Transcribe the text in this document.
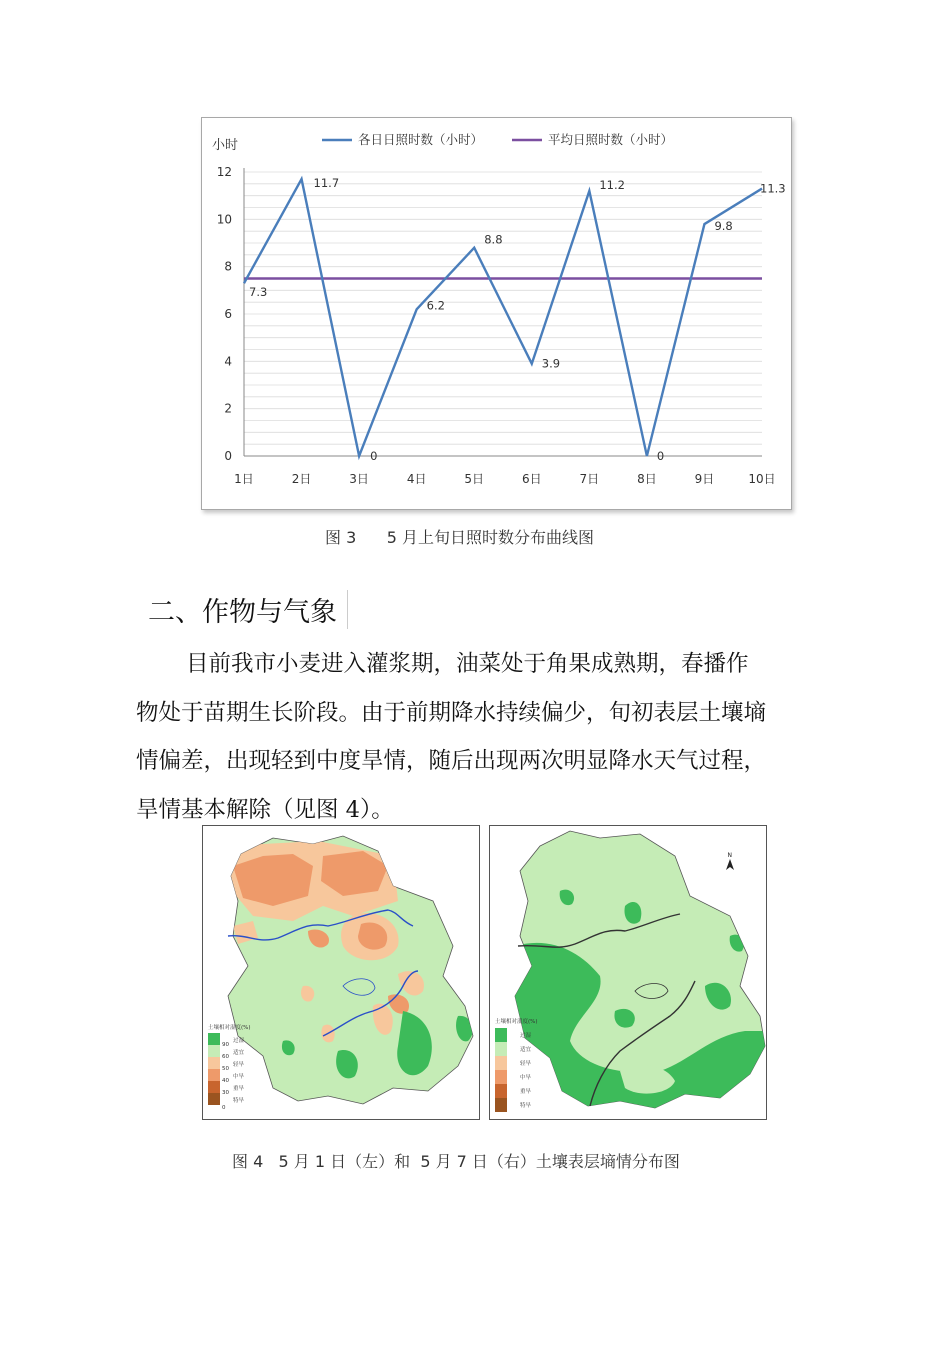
0
2
4
6
8
10
12
1日	2日	3日	4日	5日	6日	7日	8日	9日	10日
小时
7.3
11.7
0
6.2
8.8
3.9
11.2
0
9.8
11.3
各日日照时数（小时）	平均日照时数（小时）
图 3      5 月上旬日照时数分布曲线图
二、作物与气象
目前我市小麦进入灌浆期，油菜处于角果成熟期，春播作物处于苗期生长阶段。由于前期降水持续偏少，旬初表层土壤墒情偏差，出现轻到中度旱情，随后出现两次明显降水天气过程，旱情基本解除（见图 4）。
土壤相对湿度(%)
过湿
适宜
轻旱
中旱
重旱
特旱
90
60
50
40
30
0
N
土壤相对湿度(%)
过湿
适宜
轻旱
中旱
重旱
特旱
图 4   5 月 1 日（左）和  5 月 7 日（右）土壤表层墒情分布图
